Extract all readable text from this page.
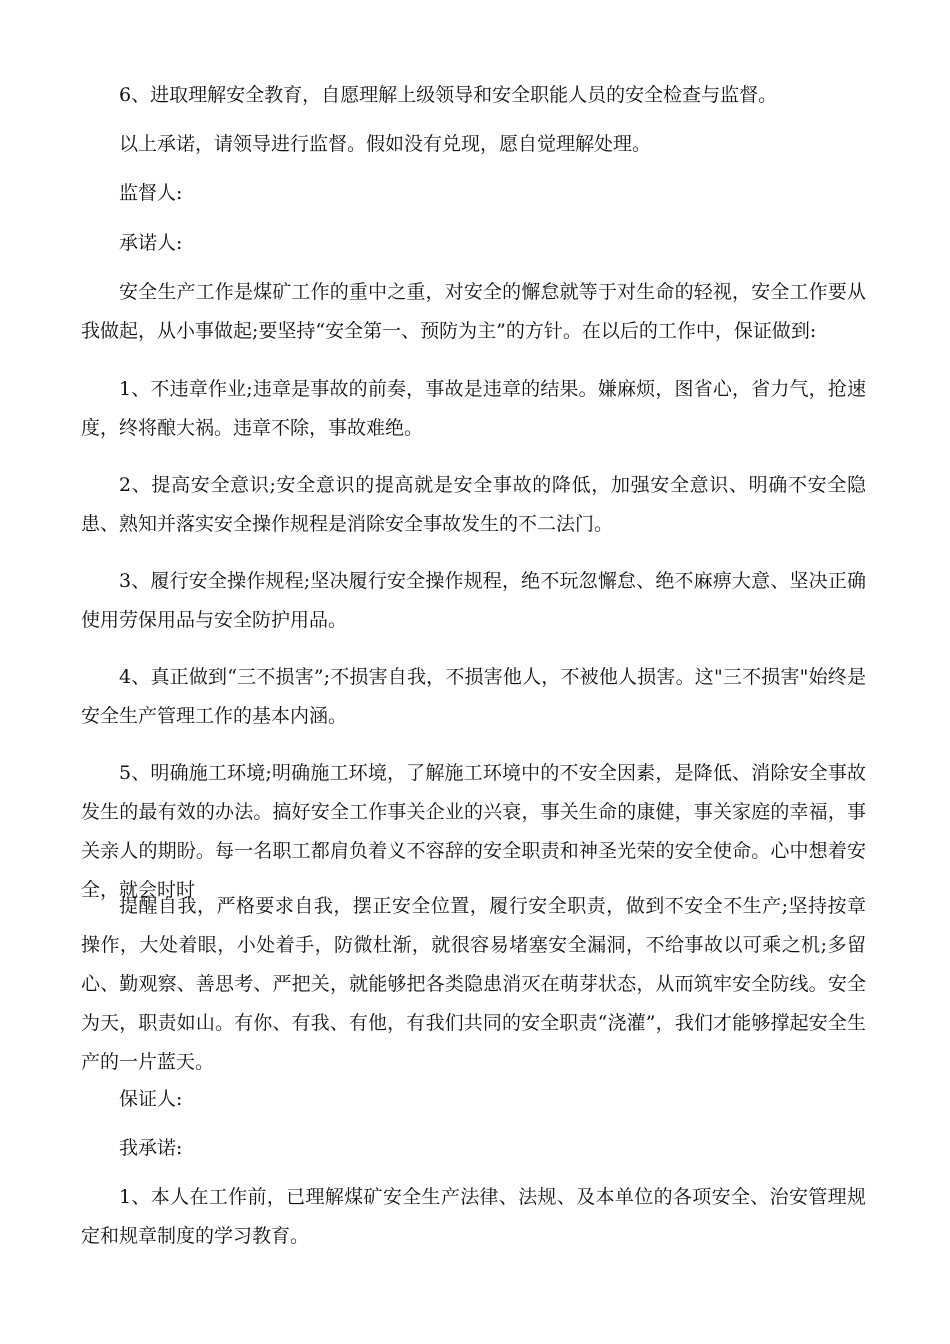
6、进取理解安全教育，自愿理解上级领导和安全职能人员的安全检查与监督。

以上承诺，请领导进行监督。假如没有兑现，愿自觉理解处理。

监督人:

承诺人:

安全生产工作是煤矿工作的重中之重，对安全的懈怠就等于对生命的轻视，安全工作要从我做起，从小事做起;要坚持“安全第一、预防为主”的方针。在以后的工作中，保证做到:

1、不违章作业;违章是事故的前奏，事故是违章的结果。嫌麻烦，图省心，省力气，抢速度，终将酿大祸。违章不除，事故难绝。

2、提高安全意识;安全意识的提高就是安全事故的降低，加强安全意识、明确不安全隐患、熟知并落实安全操作规程是消除安全事故发生的不二法门。

3、履行安全操作规程;坚决履行安全操作规程，绝不玩忽懈怠、绝不麻痹大意、坚决正确使用劳保用品与安全防护用品。

4、真正做到“三不损害”;不损害自我，不损害他人，不被他人损害。这"三不损害"始终是安全生产管理工作的基本内涵。

5、明确施工环境;明确施工环境，了解施工环境中的不安全因素，是降低、消除安全事故发生的最有效的办法。搞好安全工作事关企业的兴衰，事关生命的康健，事关家庭的幸福，事关亲人的期盼。每一名职工都肩负着义不容辞的安全职责和神圣光荣的安全使命。心中想着安全，就会时时

提醒自我，严格要求自我，摆正安全位置，履行安全职责，做到不安全不生产;坚持按章操作，大处着眼，小处着手，防微杜渐，就很容易堵塞安全漏洞，不给事故以可乘之机;多留心、勤观察、善思考、严把关，就能够把各类隐患消灭在萌芽状态，从而筑牢安全防线。安全为天，职责如山。有你、有我、有他，有我们共同的安全职责“浇灌”，我们才能够撑起安全生产的一片蓝天。

保证人:

我承诺:

1、本人在工作前，已理解煤矿安全生产法律、法规、及本单位的各项安全、治安管理规定和规章制度的学习教育。
